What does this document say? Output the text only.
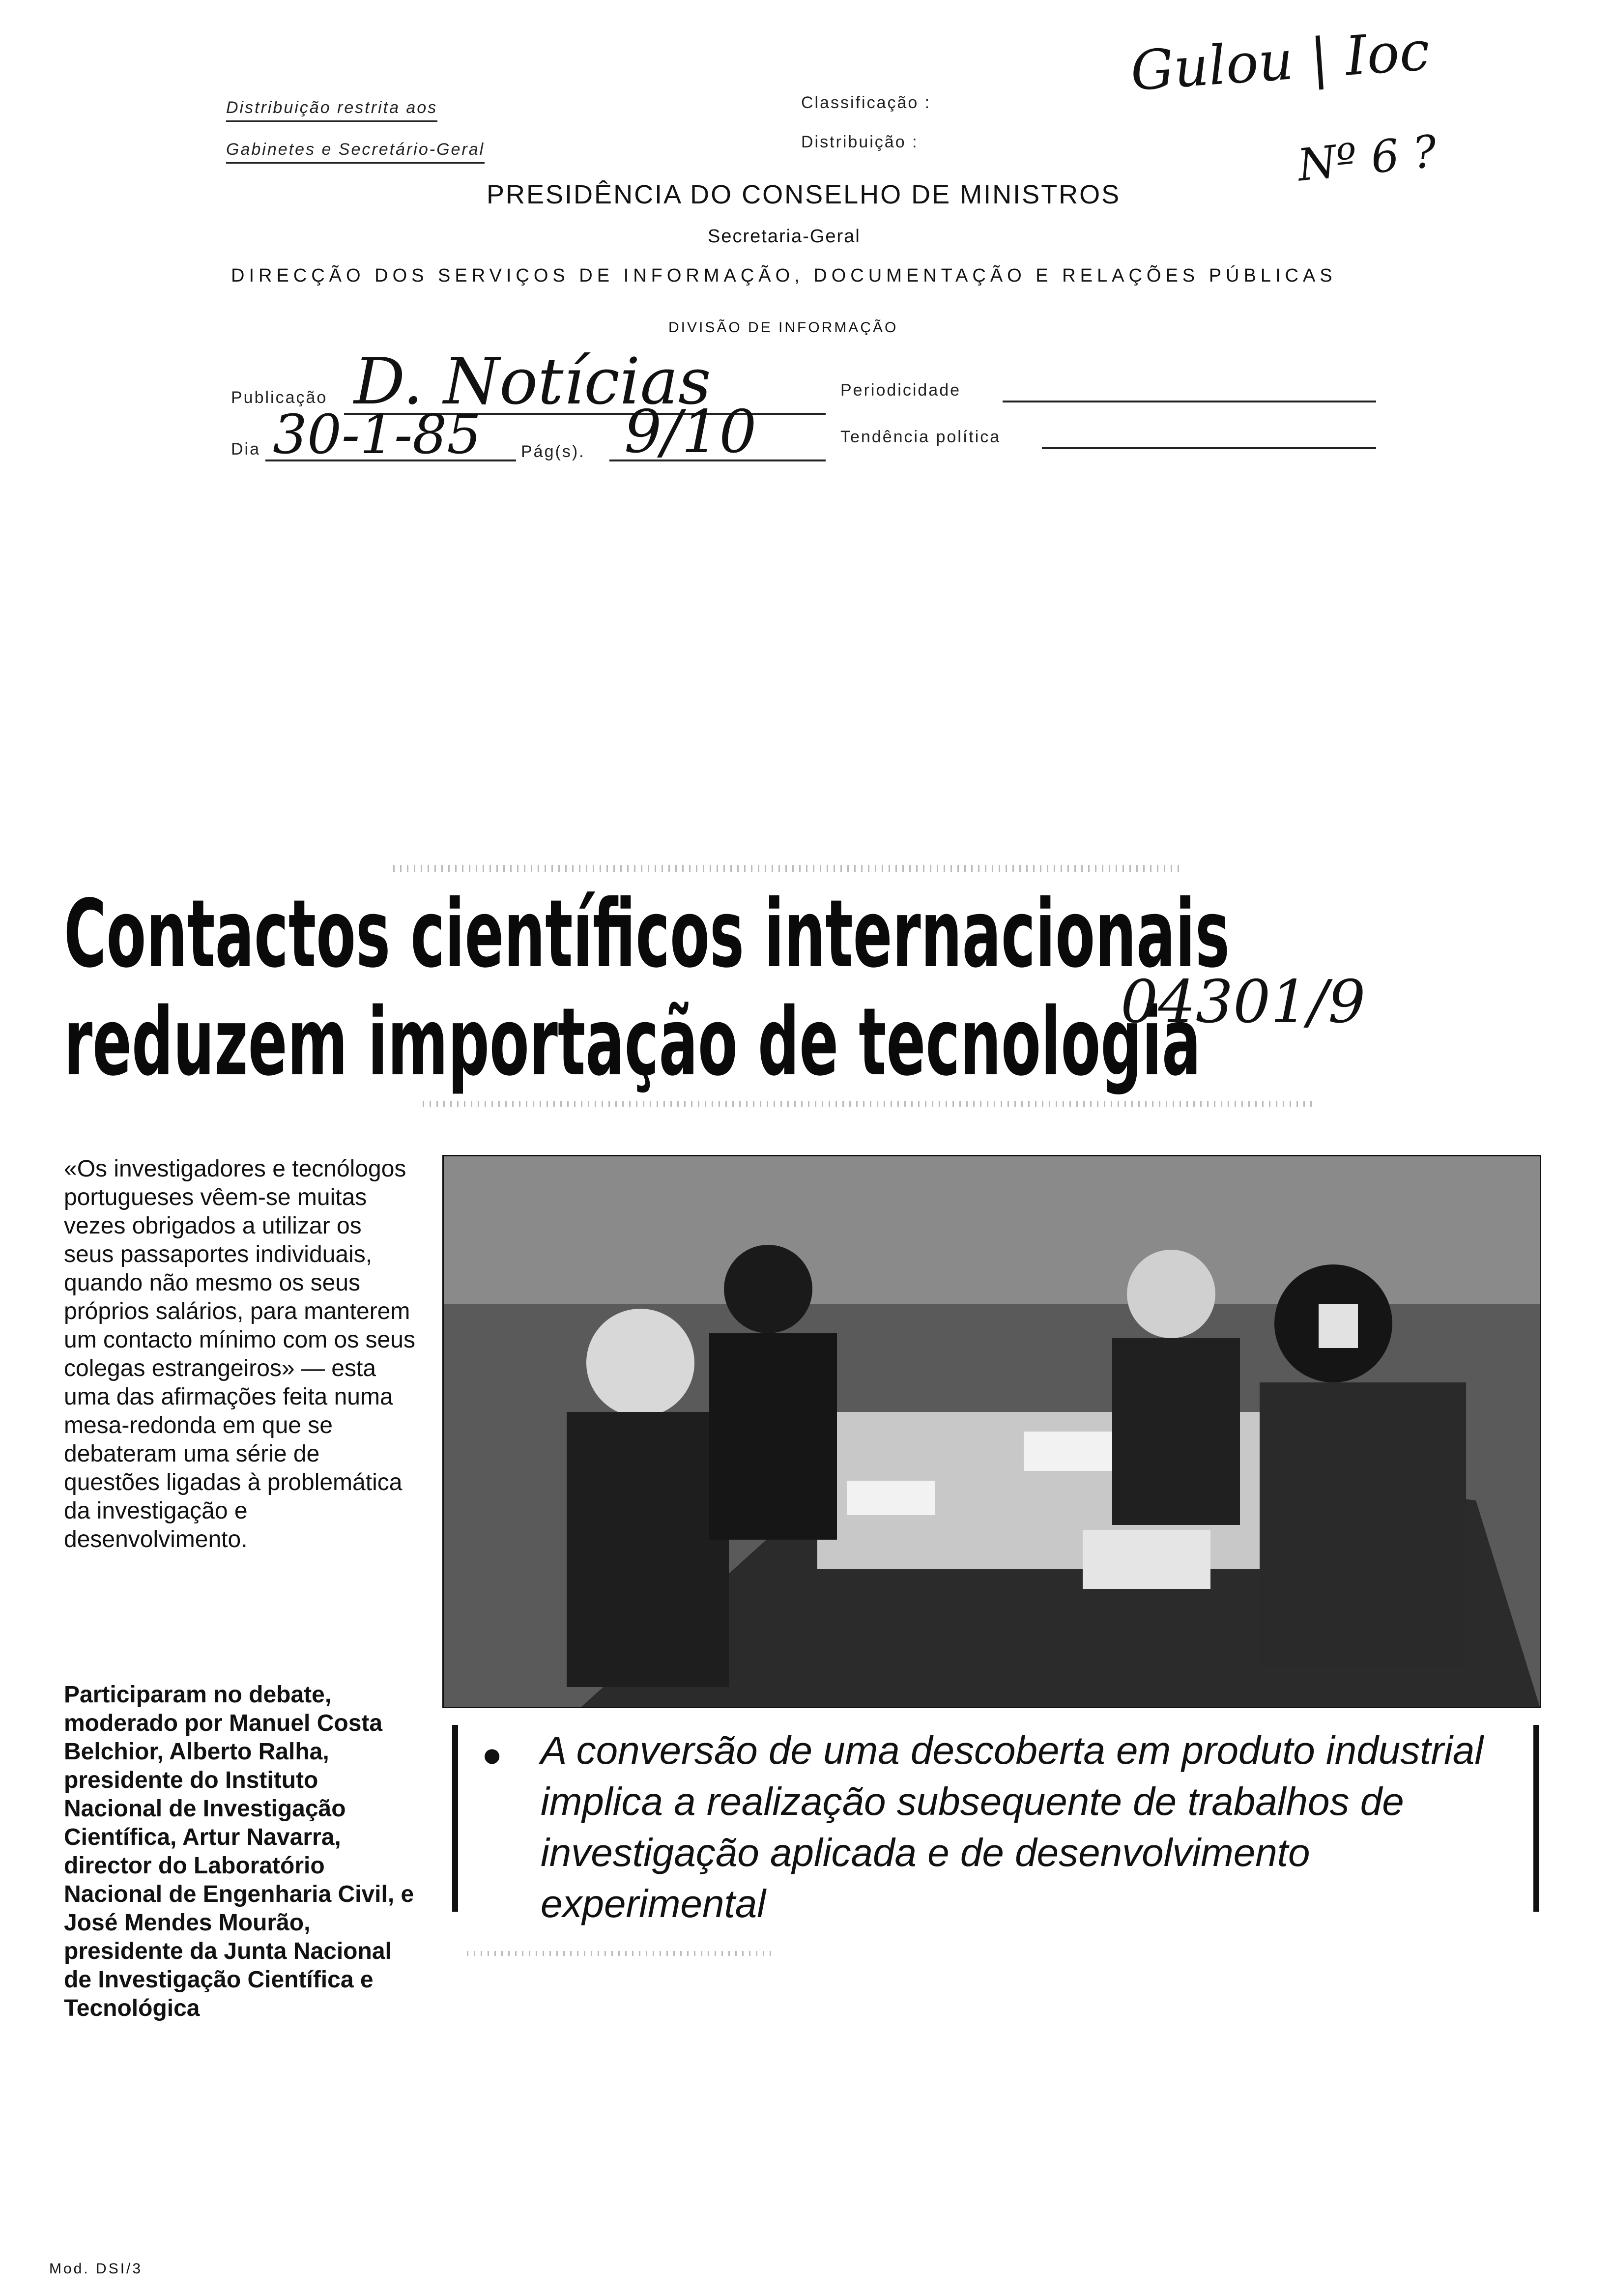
Distribuição restrita aos
Gabinetes e Secretário-Geral
Classificação :
Distribuição :
Gulou | Ioc
Nº 6 ?
PRESIDÊNCIA DO CONSELHO DE MINISTROS
Secretaria-Geral
DIRECÇÃO DOS SERVIÇOS DE INFORMAÇÃO, DOCUMENTAÇÃO E RELAÇÕES PÚBLICAS
DIVISÃO DE INFORMAÇÃO
Publicação D. Notícias	Periodicidade
Dia 30-1-85 Pág(s). 9/10	Tendência política
Contactos científicos internacionais
reduzem importação de tecnologia
04301/9
«Os investigadores e tecnólogos portugueses vêem-se muitas vezes obrigados a utilizar os seus passaportes individuais, quando não mesmo os seus próprios salários, para manterem um contacto mínimo com os seus colegas estrangeiros» — esta uma das afirmações feita numa mesa-redonda em que se debateram uma série de questões ligadas à problemática da investigação e desenvolvimento.
Participaram no debate, moderado por Manuel Costa Belchior, Alberto Ralha, presidente do Instituto Nacional de Investigação Científica, Artur Navarra, director do Laboratório Nacional de Engenharia Civil, e José Mendes Mourão, presidente da Junta Nacional de Investigação Científica e Tecnológica
● A conversão de uma descoberta em produto industrial implica a realização subsequente de trabalhos de investigação aplicada e de desenvolvimento experimental
Mod. DSI/3
